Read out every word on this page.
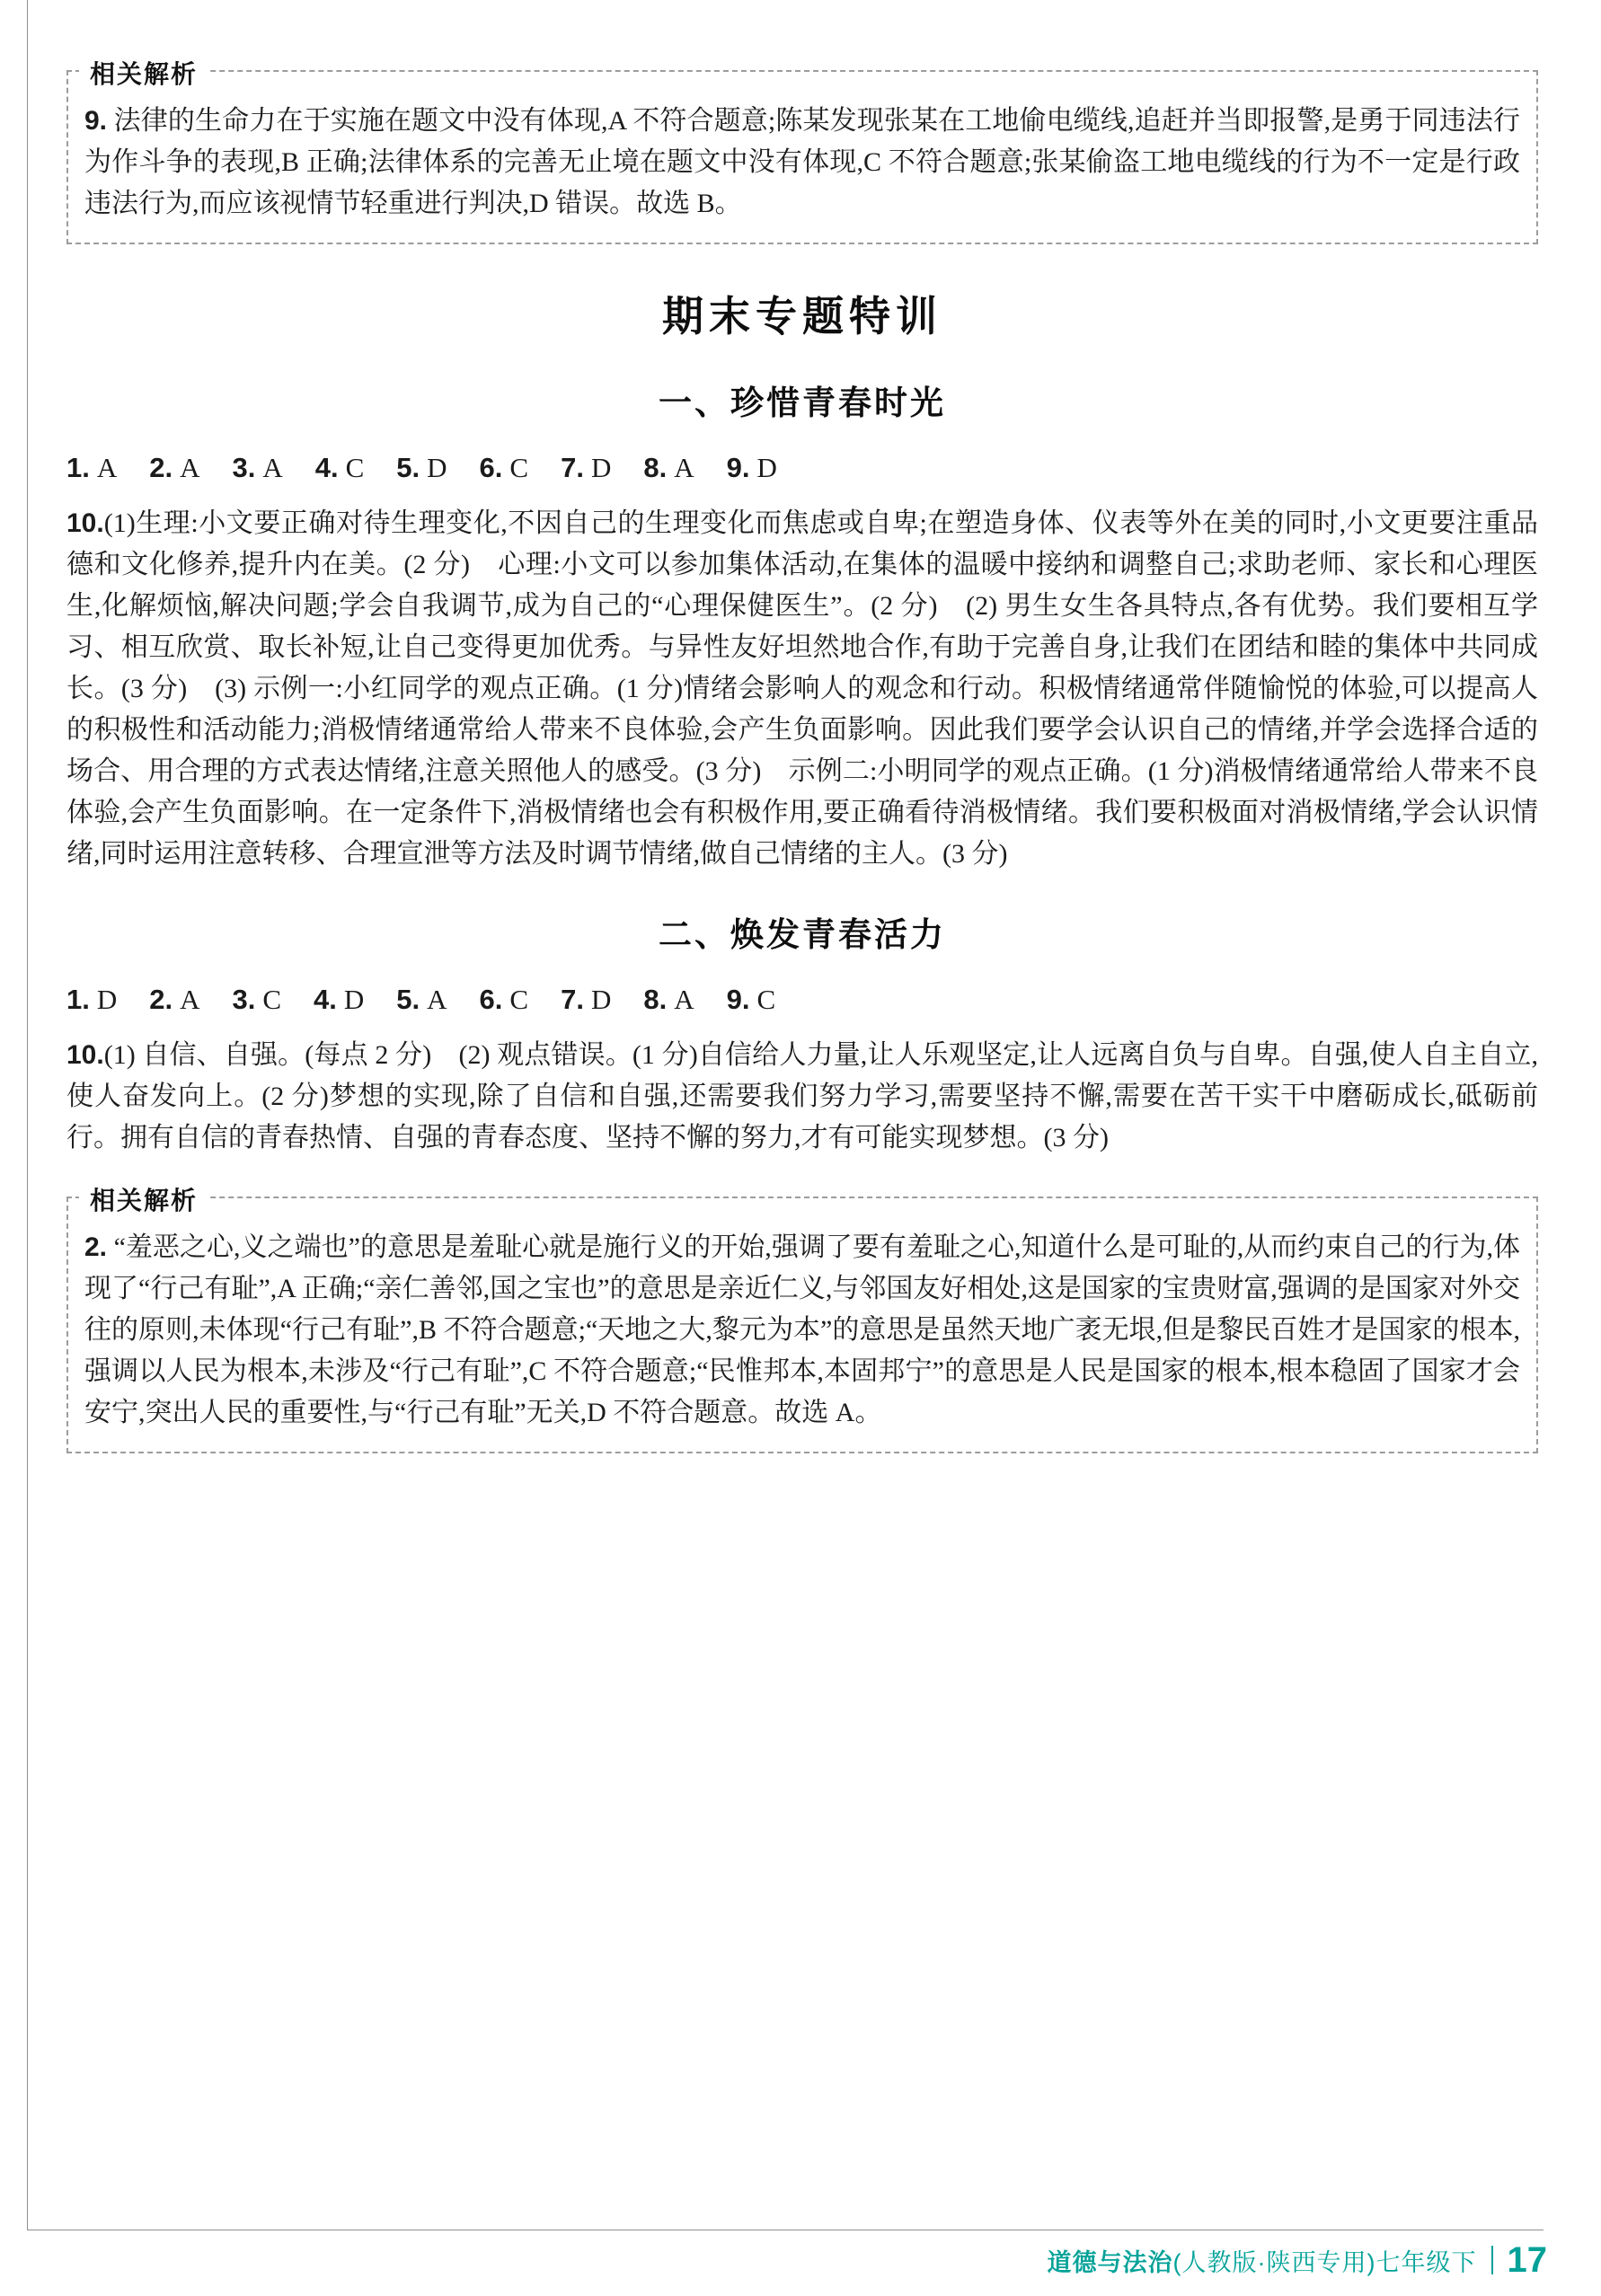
相关解析

9. 法律的生命力在于实施在题文中没有体现,A 不符合题意;陈某发现张某在工地偷电缆线,追赶并当即报警,是勇于同违法行为作斗争的表现,B 正确;法律体系的完善无止境在题文中没有体现,C 不符合题意;张某偷盗工地电缆线的行为不一定是行政违法行为,而应该视情节轻重进行判决,D 错误。故选 B。

期末专题特训
一、珍惜青春时光

1. A 2. A 3. A 4. C 5. D 6. C 7. D 8. A 9. D

10.(1)生理:小文要正确对待生理变化,不因自己的生理变化而焦虑或自卑;在塑造身体、仪表等外在美的同时,小文更要注重品德和文化修养,提升内在美。(2 分)　心理:小文可以参加集体活动,在集体的温暖中接纳和调整自己;求助老师、家长和心理医生,化解烦恼,解决问题;学会自我调节,成为自己的“心理保健医生”。(2 分)　(2) 男生女生各具特点,各有优势。我们要相互学习、相互欣赏、取长补短,让自己变得更加优秀。与异性友好坦然地合作,有助于完善自身,让我们在团结和睦的集体中共同成长。(3 分)　(3) 示例一:小红同学的观点正确。(1 分)情绪会影响人的观念和行动。积极情绪通常伴随愉悦的体验,可以提高人的积极性和活动能力;消极情绪通常给人带来不良体验,会产生负面影响。因此我们要学会认识自己的情绪,并学会选择合适的场合、用合理的方式表达情绪,注意关照他人的感受。(3 分)　示例二:小明同学的观点正确。(1 分)消极情绪通常给人带来不良体验,会产生负面影响。在一定条件下,消极情绪也会有积极作用,要正确看待消极情绪。我们要积极面对消极情绪,学会认识情绪,同时运用注意转移、合理宣泄等方法及时调节情绪,做自己情绪的主人。(3 分)

二、焕发青春活力

1. D 2. A 3. C 4. D 5. A 6. C 7. D 8. A 9. C

10.(1) 自信、自强。(每点 2 分)　(2) 观点错误。(1 分)自信给人力量,让人乐观坚定,让人远离自负与自卑。自强,使人自主自立,使人奋发向上。(2 分)梦想的实现,除了自信和自强,还需要我们努力学习,需要坚持不懈,需要在苦干实干中磨砺成长,砥砺前行。拥有自信的青春热情、自强的青春态度、坚持不懈的努力,才有可能实现梦想。(3 分)

相关解析

2. “羞恶之心,义之端也”的意思是羞耻心就是施行义的开始,强调了要有羞耻之心,知道什么是可耻的,从而约束自己的行为,体现了“行己有耻”,A 正确;“亲仁善邻,国之宝也”的意思是亲近仁义,与邻国友好相处,这是国家的宝贵财富,强调的是国家对外交往的原则,未体现“行己有耻”,B 不符合题意;“天地之大,黎元为本”的意思是虽然天地广袤无垠,但是黎民百姓才是国家的根本,强调以人民为根本,未涉及“行己有耻”,C 不符合题意;“民惟邦本,本固邦宁”的意思是人民是国家的根本,根本稳固了国家才会安宁,突出人民的重要性,与“行己有耻”无关,D 不符合题意。故选 A。

道德与法治(人教版·陕西专用)七年级下 17
